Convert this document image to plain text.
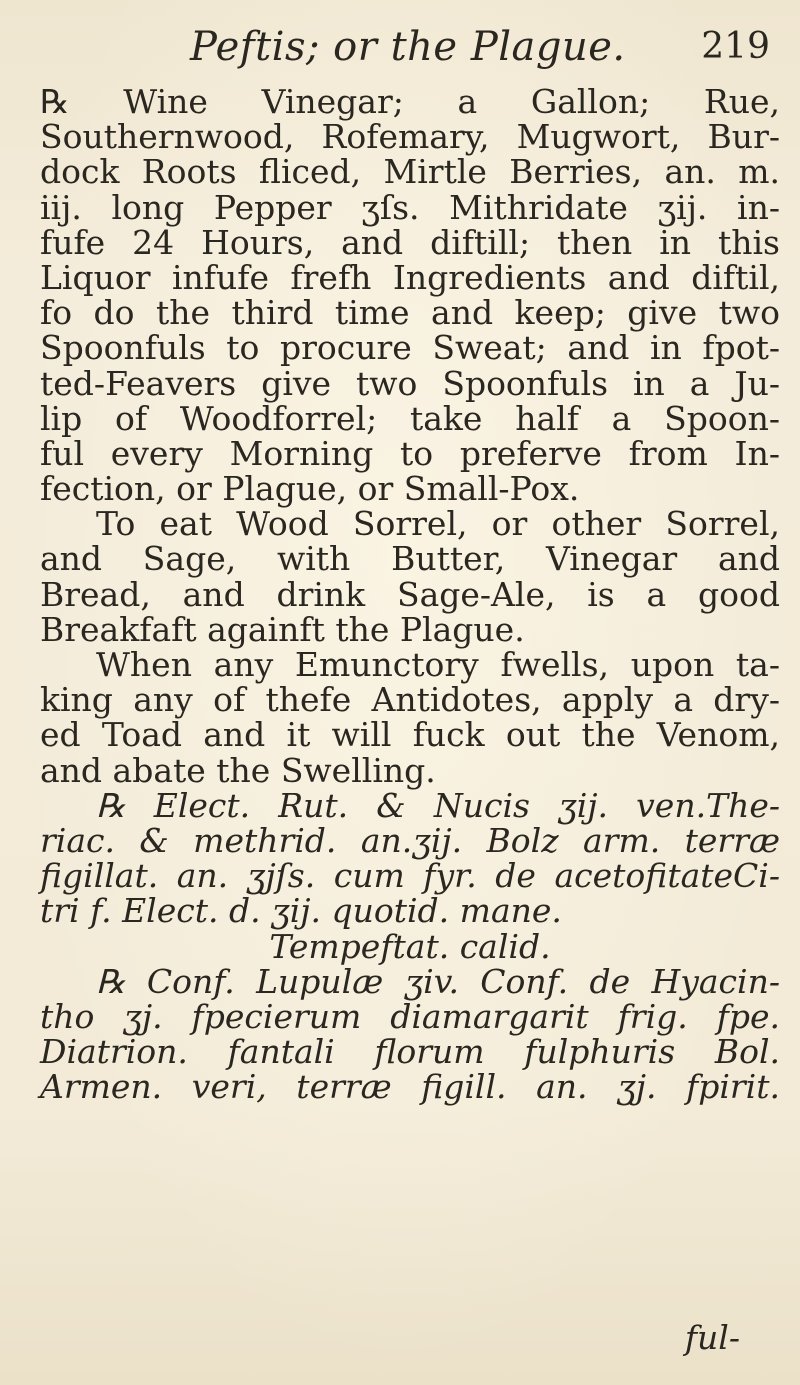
Peftis; or the Plague. 219
℞ Wine Vinegar; a Gallon; Rue,
Southernwood, Rofemary, Mugwort, Bur-
dock Roots fliced, Mirtle Berries, an. m.
iij. long Pepper ʒſs. Mithridate ʒij. in-
fufe 24 Hours, and diftill; then in this
Liquor infufe frefh Ingredients and diftil,
fo do the third time and keep; give two
Spoonfuls to procure Sweat; and in fpot-
ted-Feavers give two Spoonfuls in a Ju-
lip of Woodforrel; take half a Spoon-
ful every Morning to preferve from In-
fection, or Plague, or Small-Pox.
To eat Wood Sorrel, or other Sorrel,
and Sage, with Butter, Vinegar and
Bread, and drink Sage-Ale, is a good
Breakfaft againft the Plague.
When any Emunctory fwells, upon ta-
king any of thefe Antidotes, apply a dry-
ed Toad and it will fuck out the Venom,
and abate the Swelling.
℞ Elect. Rut. & Nucis ʒij. ven.The-
riac. & methrid. an.ʒij. Bolz arm. terræ
figillat. an. ʒjſs. cum fyr. de acetofitateCi-
tri f. Elect. d. ʒij. quotid. mane.
Tempeftat. calid.
℞ Conf. Lupulæ ʒiv. Conf. de Hyacin-
tho ʒj. fpecierum diamargarit frig. fpe.
Diatrion. fantali florum fulphuris Bol.
Armen. veri, terræ figill. an. ʒj. fpirit.
ful-
